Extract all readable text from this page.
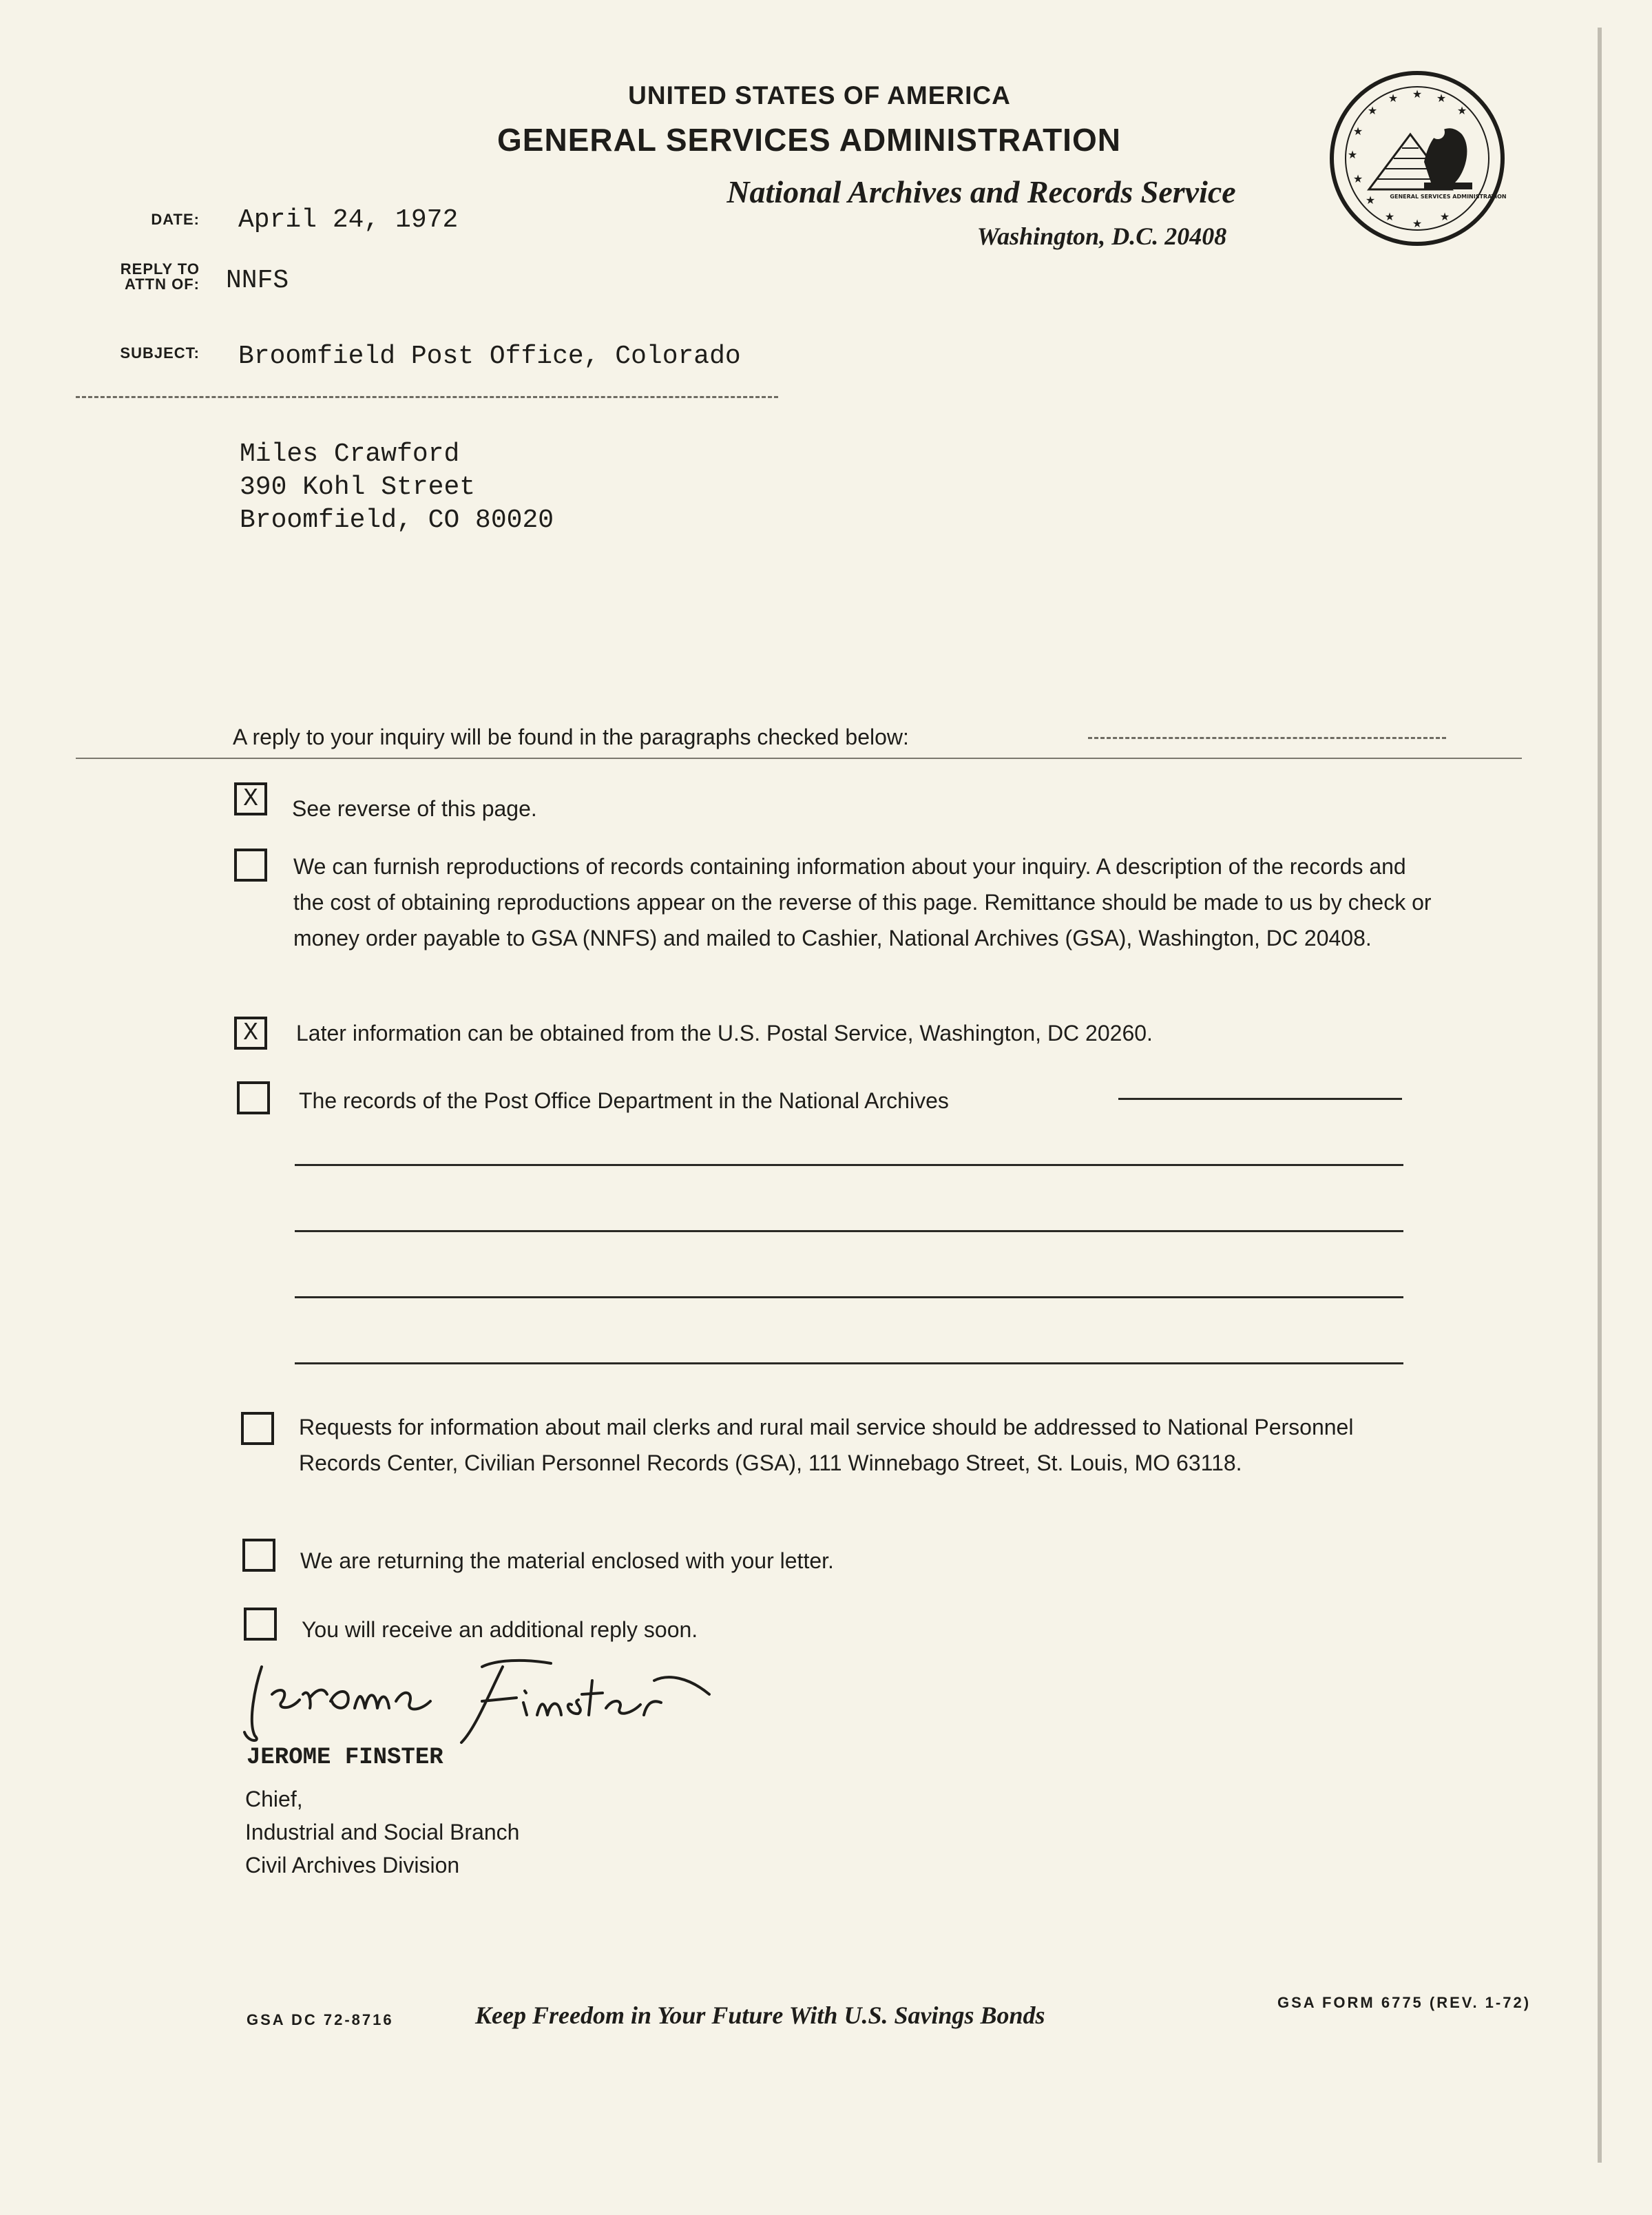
UNITED STATES OF AMERICA
GENERAL SERVICES ADMINISTRATION
National Archives and Records Service
Washington, D.C. 20408
★
★	★
★	★
★
★
★
★
★
★
★
GENERAL SERVICES ADMINISTRATION
DATE: April 24, 1972
REPLY TO
ATTN OF: NNFS
SUBJECT: Broomfield Post Office, Colorado
Miles Crawford
390 Kohl Street
Broomfield, CO 80020
A reply to your inquiry will be found in the paragraphs checked below:
X	See reverse of this page.
We can furnish reproductions of records containing information about your inquiry. A description of the records and the cost of obtaining reproductions appear on the reverse of this page. Remittance should be made to us by check or money order payable to GSA (NNFS) and mailed to Cashier, National Archives (GSA), Washington, DC 20408.
X	Later information can be obtained from the U.S. Postal Service, Washington, DC 20260.
The records of the Post Office Department in the National Archives
Requests for information about mail clerks and rural mail service should be addressed to National Personnel Records Center, Civilian Personnel Records (GSA), 111 Winnebago Street, St. Louis, MO 63118.
We are returning the material enclosed with your letter.
You will receive an additional reply soon.
JEROME FINSTER
Chief,
Industrial and Social Branch
Civil Archives Division
GSA DC 72-8716	Keep Freedom in Your Future With U.S. Savings Bonds	GSA FORM 6775 (REV. 1-72)
